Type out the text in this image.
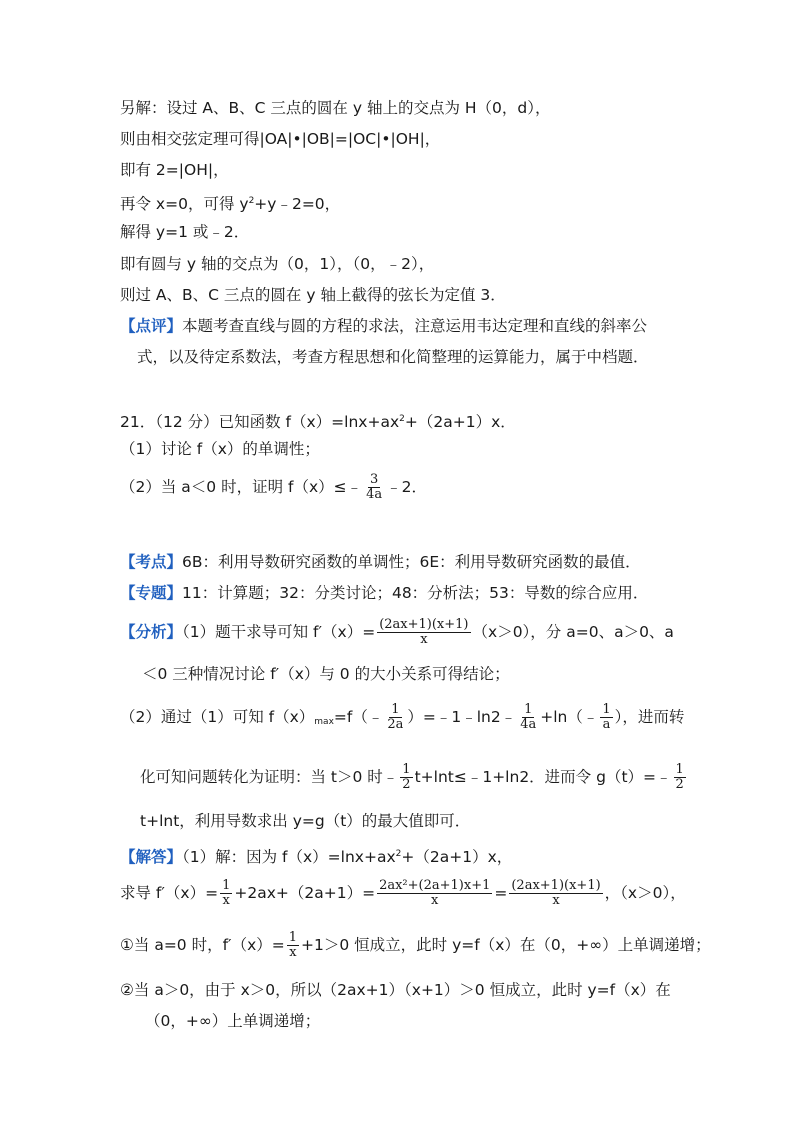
另解：设过 A、B、C 三点的圆在 y 轴上的交点为 H（0，d），
则由相交弦定理可得|OA|•|OB|=|OC|•|OH|，
即有 2=|OH|，
再令 x=0，可得 $y^2+y﹣2=0$，
解得 y=1 或﹣2．
即有圆与 y 轴的交点为（0，1），（0，﹣2），
则过 A、B、C 三点的圆在 y 轴上截得的弦长为定值 3．
【点评】本题考查直线与圆的方程的求法，注意运用韦达定理和直线的斜率公
式，以及待定系数法，考查方程思想和化简整理的运算能力，属于中档题．
21．（12 分）已知函数 $f(x)=\ln x+ax^2+(2a+1)x$．
（1）讨论 f（x）的单调性；
（2）当 a＜0 时，证明 f（x）≤﹣ $\frac{3}{4a}$ ﹣2．
【考点】6B：利用导数研究函数的单调性；6E：利用导数研究函数的最值．
【专题】11：计算题；32：分类讨论；48：分析法；53：导数的综合应用．
【分析】（1）题干求导可知 $f'(x)= \frac{(2ax+1)(x+1)}{x} (x>0)$，分 a=0、a＞0、a
＜0 三种情况讨论 f′（x）与 0 的大小关系可得结论；
（2）通过（1）可知 $f(x)_{max}=f(﹣ \frac{1}{2a}$ ）=﹣1﹣ln2﹣ $\frac{1}{4a}$ +ln（﹣ $\frac{1}{a}$ ），进而转
化可知问题转化为证明：当 t＞0 时﹣ $\frac{1}{2}$ t+lnt≤﹣1+ln2．进而令 g（t）=﹣ $\frac{1}{2}$
t+lnt，利用导数求出 y=g（t）的最大值即可．
【解答】（1）解：因为 $f(x)=\ln x+ax^2+(2a+1)x$，
求导 $f'(x)= \frac{1}{x} +2ax+(2a+1)= \frac{\text{2ax²+(2a+1)x+1}}{x} = \frac{(2ax+1)(x+1)}{x}$ ，（x＞0），
①当 a=0 时，$f'(x)= \frac{1}{x} +1>0$ 恒成立，此时 y=f（x）在（0，+∞）上单调递增；
②当 a＞0，由于 x＞0，所以（2ax+1）（x+1）＞0 恒成立，此时 y=f（x）在
（0，+∞）上单调递增；
